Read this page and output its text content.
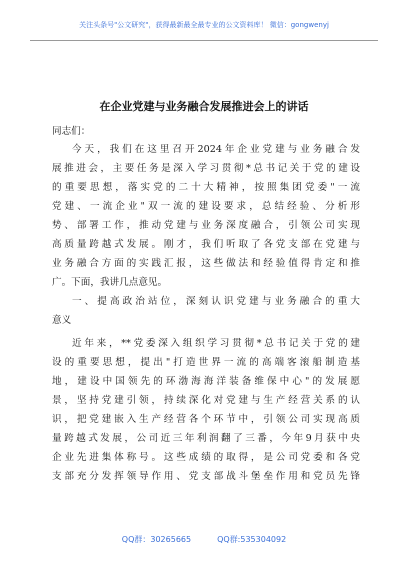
关注头条号"公文研究"，获得最新最全最专业的公文资料库！ 微信：gongwenyj
在企业党建与业务融合发展推进会上的讲话
同志们：
今天，我们在这里召开2024年企业党建与业务融合发
展推进会，主要任务是深入学习贯彻*总书记关于党的建设
的重要思想，落实党的二十大精神，按照集团党委"一流
党建、一流企业"双一流的建设要求，总结经验、分析形
势、部署工作，推动党建与业务深度融合，引领公司实现
高质量跨越式发展。刚才，我们听取了各党支部在党建与
业务融合方面的实践汇报，这些做法和经验值得肯定和推
广。下面，我讲几点意见。
一、提高政治站位，深刻认识党建与业务融合的重大
意义
近年来，**党委深入组织学习贯彻*总书记关于党的建
设的重要思想，提出"打造世界一流的高端客滚船制造基
地，建设中国领先的环渤海海洋装备维保中心"的发展愿
景，坚持党建引领，持续深化对党建与生产经营关系的认
识，把党建嵌入生产经营各个环节中，引领公司实现高质
量跨越式发展，公司近三年利润翻了三番，今年9月获中央
企业先进集体称号。这些成绩的取得，是公司党委和各党
支部充分发挥领导作用、党支部战斗堡垒作用和党员先锋
QQ群：30265665	QQ群:535304092
